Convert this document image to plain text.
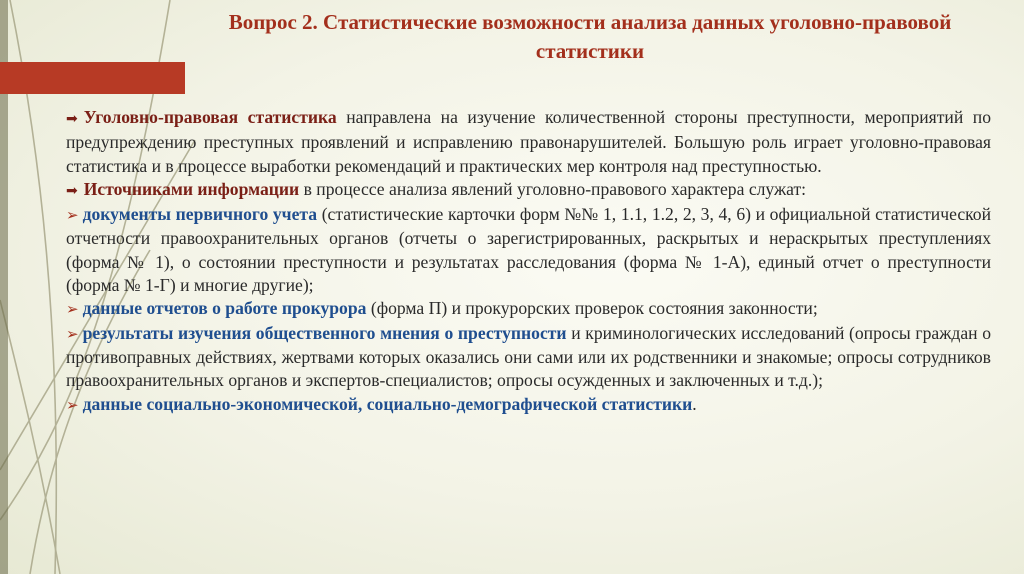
Вопрос 2. Статистические возможности анализа данных уголовно-правовой статистики

➡ Уголовно-правовая статистика направлена на изучение количественной стороны преступности, мероприятий по предупреждению преступных проявлений и исправлению правонарушителей. Большую роль играет уголовно-правовая статистика и в процессе выработки рекомендаций и практических мер контроля над преступностью.

➡ Источниками информации в процессе анализа явлений уголовно-правового характера служат:

➢ документы первичного учета (статистические карточки форм №№ 1, 1.1, 1.2, 2, 3, 4, 6) и официальной статистической отчетности правоохранительных органов (отчеты о зарегистрированных, раскрытых и нераскрытых преступлениях (форма № 1), о состоянии преступности и результатах расследования (форма № 1-А), единый отчет о преступности (форма № 1-Г) и многие другие);

➢ данные отчетов о работе прокурора (форма П) и прокурорских проверок состояния законности;

➢ результаты изучения общественного мнения о преступности и криминологических исследований (опросы граждан о противоправных действиях, жертвами которых оказались они сами или их родственники и знакомые; опросы сотрудников правоохранительных органов и экспертов-специалистов; опросы осужденных и заключенных и т.д.);

➢ данные социально-экономической, социально-демографической статистики.
